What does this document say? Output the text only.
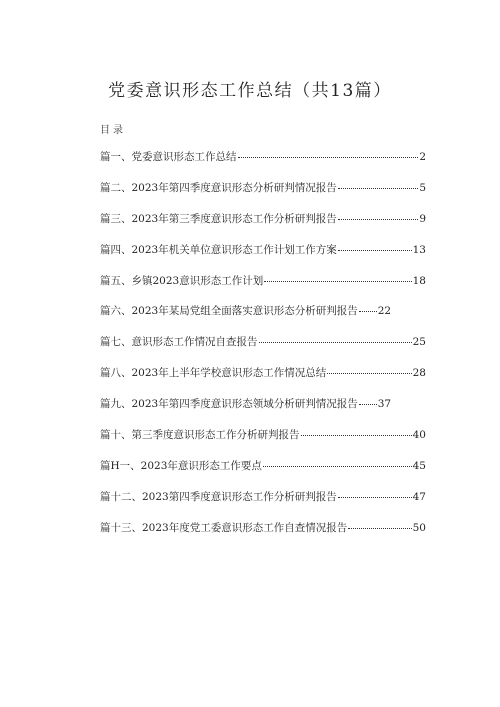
党委意识形态工作总结（共13篇）
目录
篇一、党委意识形态工作总结	2
篇二、2023年第四季度意识形态分析研判情况报告	5
篇三、2023年第三季度意识形态工作分析研判报告	9
篇四、2023年机关单位意识形态工作计划工作方案	13
篇五、乡镇2023意识形态工作计划	18
篇六、2023年某局党组全面落实意识形态分析研判报告 22
篇七、意识形态工作情况自查报告	25
篇八、2023年上半年学校意识形态工作情况总结	28
篇九、2023年第四季度意识形态领域分析研判情况报告 37
篇十、第三季度意识形态工作分析研判报告	40
篇H一、2023年意识形态工作要点	45
篇十二、2023第四季度意识形态工作分析研判报告	47
篇十三、2023年度党工委意识形态工作自查情况报告	50
